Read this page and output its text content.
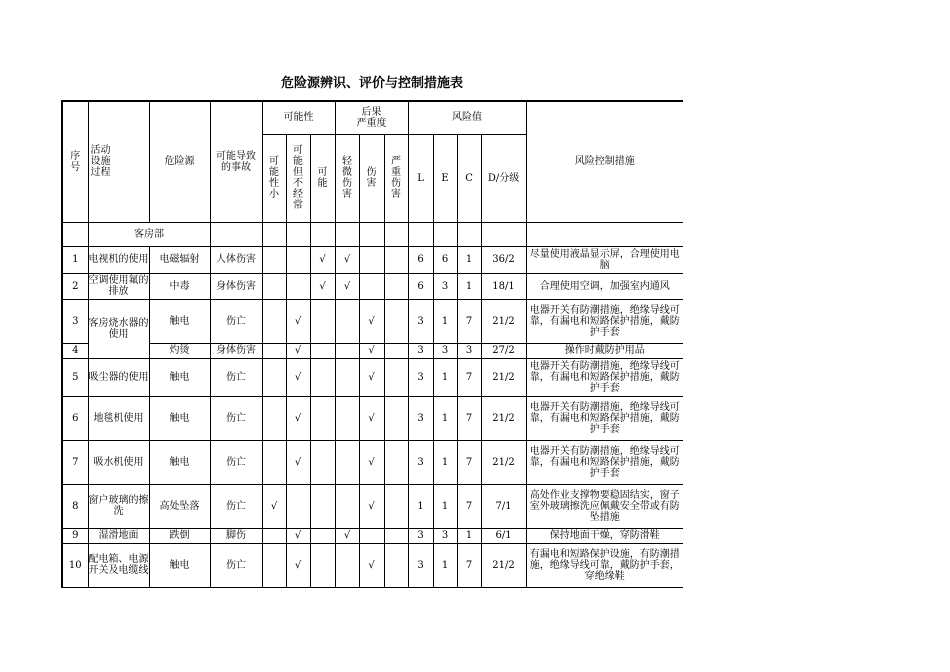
危险源辨识、评价与控制措施表
序号	活动
设施
过程	危险源	可能导致
的事故	可能性			后果
严重度			风险值				风险控制措施
				可能性小	可能但不经常	可能	轻微伤害	伤害	严重伤害	L	E	C	D/分级	
	客房部													
1	电视机的使用	电磁辐射	人体伤害			√	√			6	6	1	36/2	尽量使用液晶显示屏，合理使用电脑
2	空调使用氟的排放	中毒	身体伤害			√	√			6	3	1	18/1	合理使用空调，加强室内通风
3	客房烧水器的使用	触电	伤亡		√			√		3	1	7	21/2	电器开关有防潮措施，绝缘导线可靠，有漏电和短路保护措施，戴防护手套
4		灼烫	身体伤害		√			√		3	3	3	27/2	操作时戴防护用品
5	吸尘器的使用	触电	伤亡		√			√		3	1	7	21/2	电器开关有防潮措施，绝缘导线可靠，有漏电和短路保护措施，戴防护手套
6	地毯机使用	触电	伤亡		√			√		3	1	7	21/2	电器开关有防潮措施，绝缘导线可靠，有漏电和短路保护措施，戴防护手套
7	吸水机使用	触电	伤亡		√			√		3	1	7	21/2	电器开关有防潮措施，绝缘导线可靠，有漏电和短路保护措施，戴防护手套
8	窗户玻璃的擦洗	高处坠落	伤亡	√				√		1	1	7	7/1	高处作业支撑物要稳固结实，窗子室外玻璃擦洗应佩戴安全带或有防坠措施
9	湿滑地面	跌倒	脚伤		√		√			3	3	1	6/1	保持地面干燥，穿防滑鞋
10	配电箱、电源开关及电缆线	触电	伤亡		√			√		3	1	7	21/2	有漏电和短路保护设施，有防潮措施，绝缘导线可靠，戴防护手套，穿绝缘鞋
